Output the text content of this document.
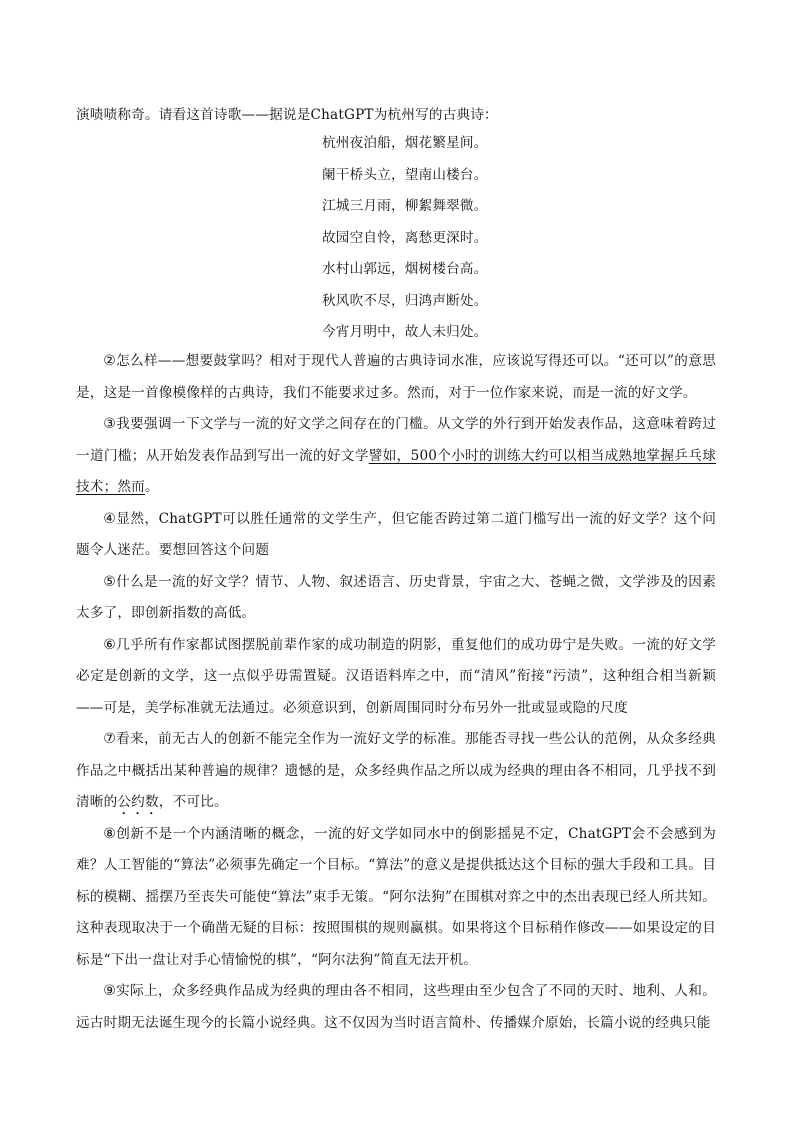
演啧啧称奇。请看这首诗歌——据说是ChatGPT为杭州写的古典诗：
杭州夜泊船，烟花繁星间。
阑干桥头立，望南山楼台。
江城三月雨，柳絮舞翠微。
故园空自怜，离愁更深时。
水村山郭远，烟树楼台高。
秋风吹不尽，归鸿声断处。
今宵月明中，故人未归处。

②怎么样——想要鼓掌吗？相对于现代人普遍的古典诗词水准，应该说写得还可以。“还可以”的意思是，这是一首像模像样的古典诗，我们不能要求过多。然而，对于一位作家来说，而是一流的好文学。

③我要强调一下文学与一流的好文学之间存在的门槛。从文学的外行到开始发表作品，这意味着跨过一道门槛；从开始发表作品到写出一流的好文学譬如，500个小时的训练大约可以相当成熟地掌握乒乓球技术；然而。

④显然，ChatGPT可以胜任通常的文学生产，但它能否跨过第二道门槛写出一流的好文学？这个问题令人迷茫。要想回答这个问题

⑤什么是一流的好文学？情节、人物、叙述语言、历史背景，宇宙之大、苍蝇之微，文学涉及的因素太多了，即创新指数的高低。

⑥几乎所有作家都试图摆脱前辈作家的成功制造的阴影，重复他们的成功毋宁是失败。一流的好文学必定是创新的文学，这一点似乎毋需置疑。汉语语料库之中，而“清风”衔接“污渍”，这种组合相当新颖——可是，美学标准就无法通过。必须意识到，创新周围同时分布另外一批或显或隐的尺度

⑦看来，前无古人的创新不能完全作为一流好文学的标准。那能否寻找一些公认的范例，从众多经典作品之中概括出某种普遍的规律？遗憾的是，众多经典作品之所以成为经典的理由各不相同，几乎找不到清晰的公约数，不可比。

⑧创新不是一个内涵清晰的概念，一流的好文学如同水中的倒影摇晃不定，ChatGPT会不会感到为难？人工智能的“算法”必须事先确定一个目标。“算法”的意义是提供抵达这个目标的强大手段和工具。目标的模糊、摇摆乃至丧失可能使“算法”束手无策。“阿尔法狗”在围棋对弈之中的杰出表现已经人所共知。这种表现取决于一个确凿无疑的目标：按照围棋的规则赢棋。如果将这个目标稍作修改——如果设定的目标是“下出一盘让对手心情愉悦的棋”，“阿尔法狗”简直无法开机。

⑨实际上，众多经典作品成为经典的理由各不相同，这些理由至少包含了不同的天时、地利、人和。远古时期无法诞生现今的长篇小说经典。这不仅因为当时语言简朴、传播媒介原始，长篇小说的经典只能
